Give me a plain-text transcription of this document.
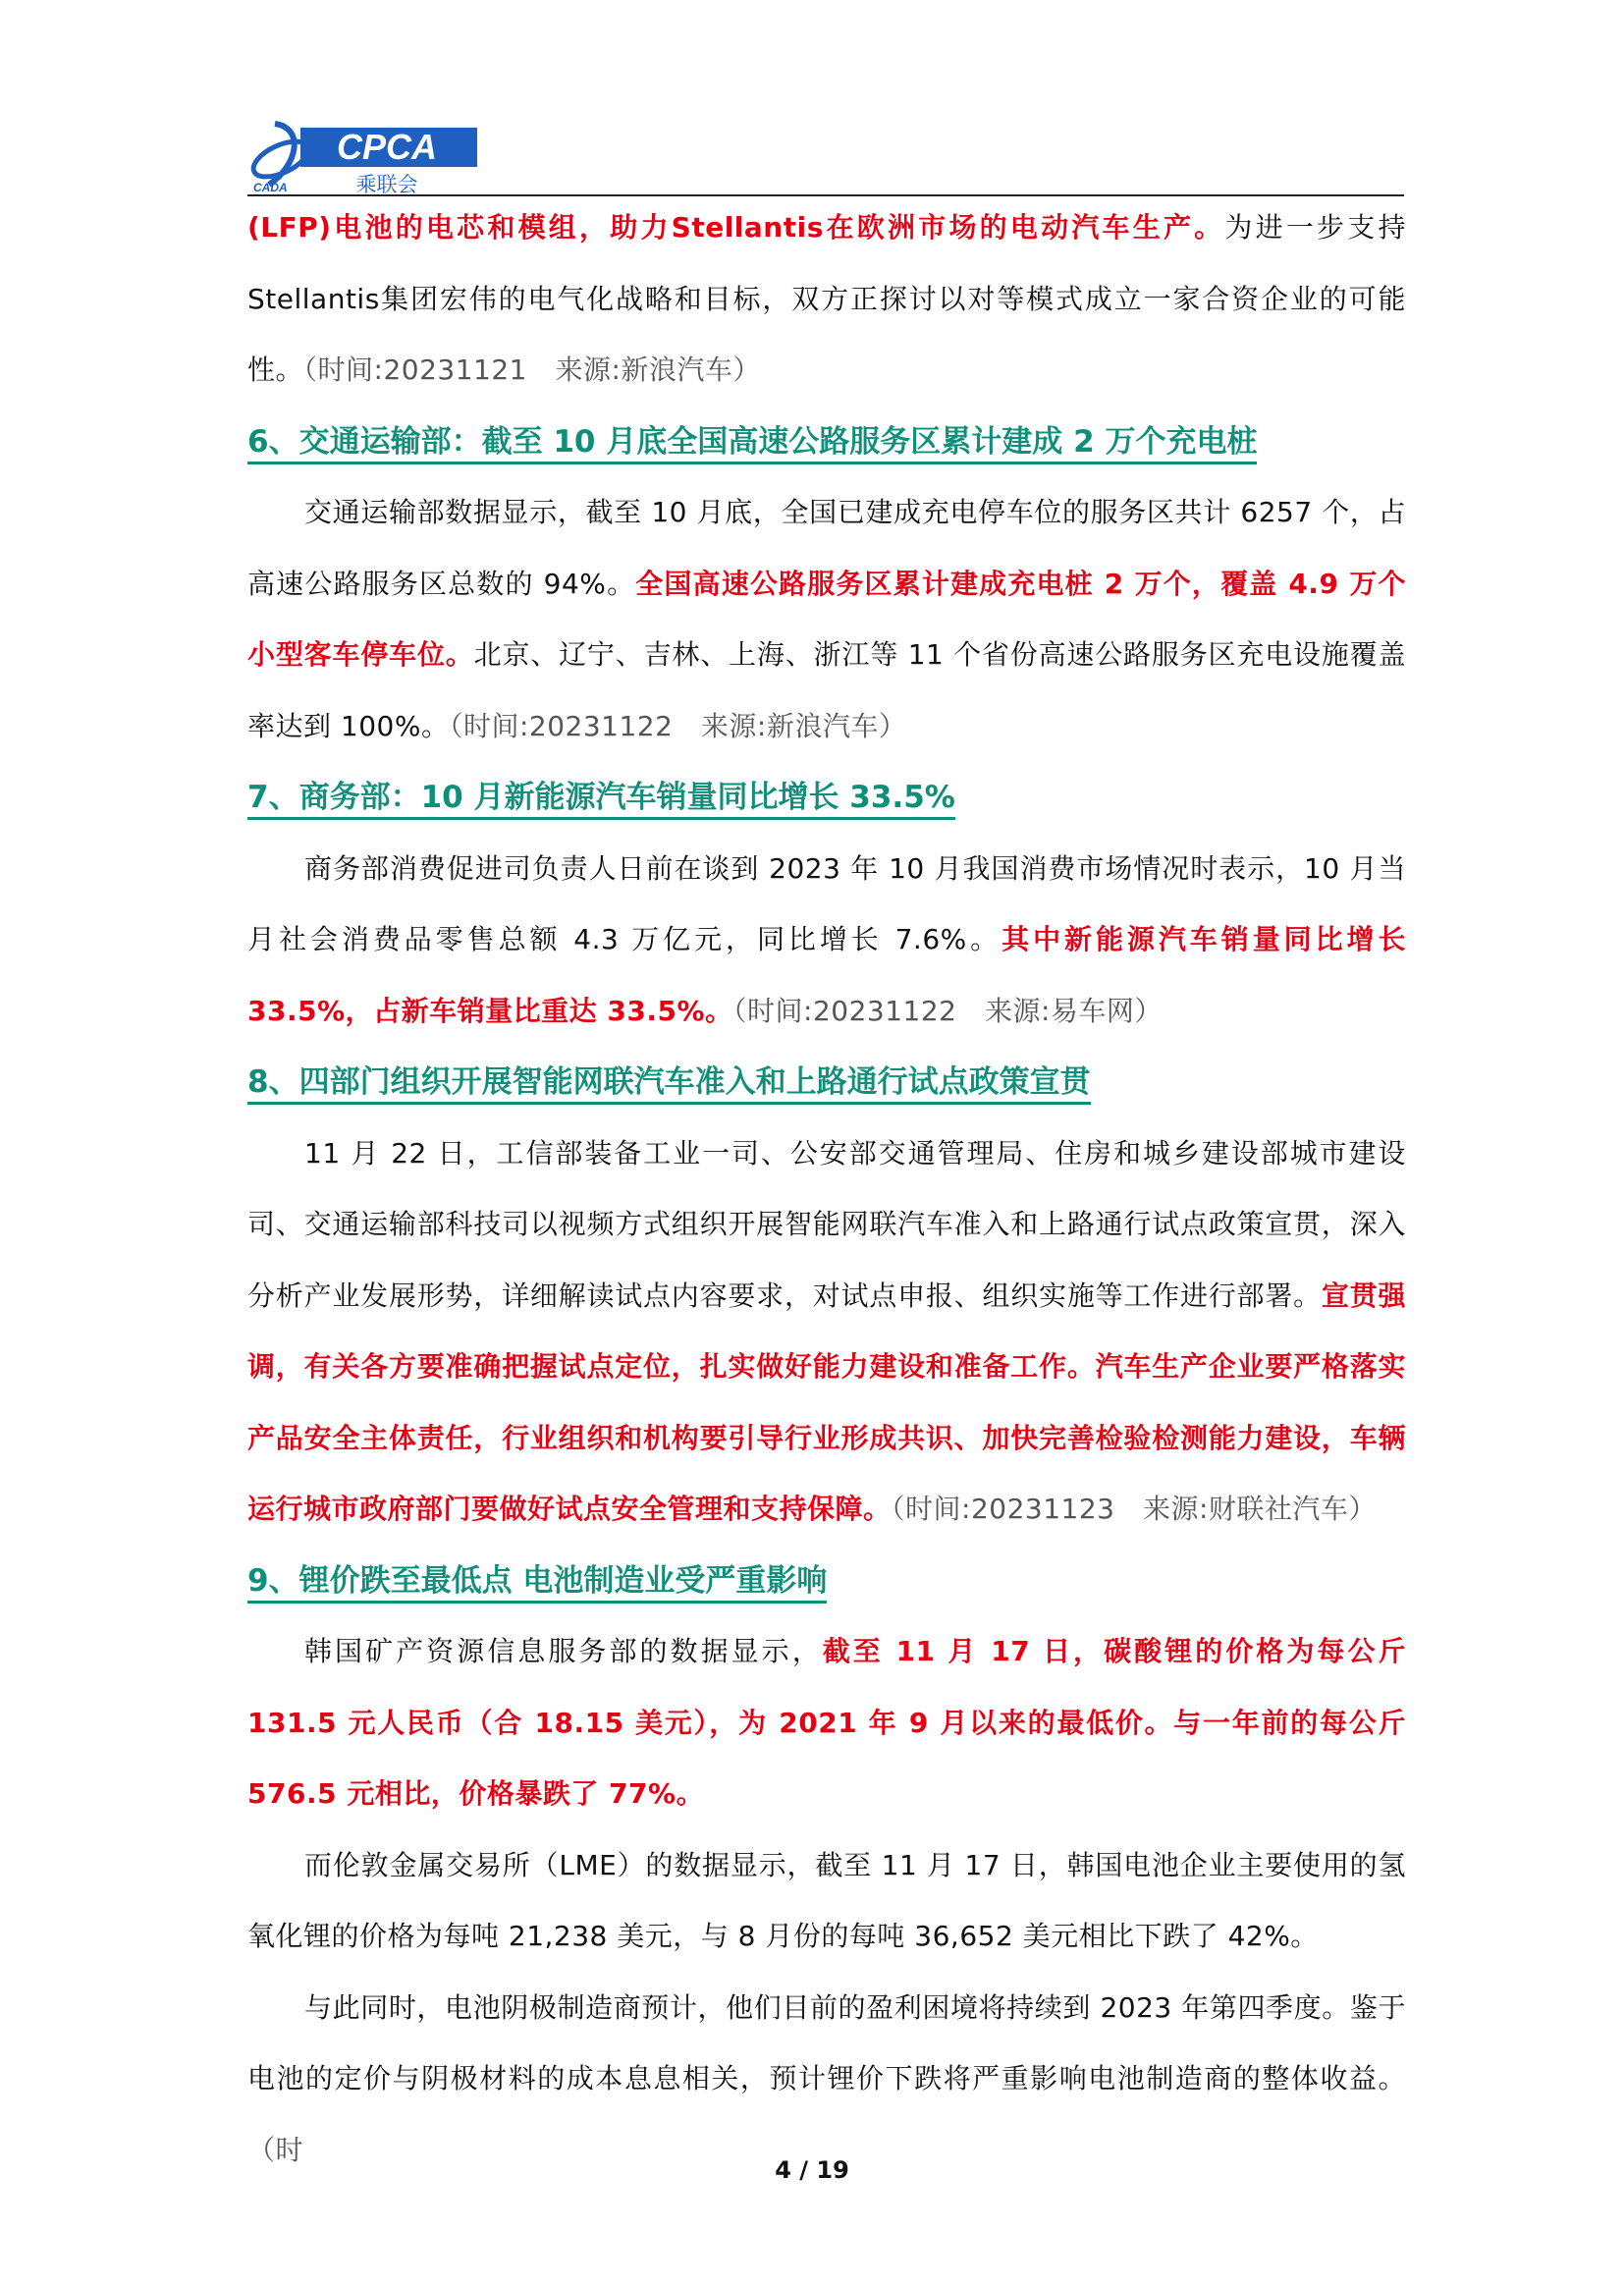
CPCA
乘联会
CADA

(LFP)电池的电芯和模组，助力Stellantis在欧洲市场的电动汽车生产。为进一步支持Stellantis集团宏伟的电气化战略和目标，双方正探讨以对等模式成立一家合资企业的可能性。（时间:20231121　来源:新浪汽车）

6、交通运输部：截至 10 月底全国高速公路服务区累计建成 2 万个充电桩

交通运输部数据显示，截至 10 月底，全国已建成充电停车位的服务区共计 6257 个，占高速公路服务区总数的 94%。全国高速公路服务区累计建成充电桩 2 万个，覆盖 4.9 万个小型客车停车位。北京、辽宁、吉林、上海、浙江等 11 个省份高速公路服务区充电设施覆盖率达到 100%。（时间:20231122　来源:新浪汽车）

7、商务部：10 月新能源汽车销量同比增长 33.5%

商务部消费促进司负责人日前在谈到 2023 年 10 月我国消费市场情况时表示，10 月当月社会消费品零售总额 4.3 万亿元，同比增长 7.6%。其中新能源汽车销量同比增长 33.5%，占新车销量比重达 33.5%。（时间:20231122　来源:易车网）

8、四部门组织开展智能网联汽车准入和上路通行试点政策宣贯

11 月 22 日，工信部装备工业一司、公安部交通管理局、住房和城乡建设部城市建设司、交通运输部科技司以视频方式组织开展智能网联汽车准入和上路通行试点政策宣贯，深入分析产业发展形势，详细解读试点内容要求，对试点申报、组织实施等工作进行部署。宣贯强调，有关各方要准确把握试点定位，扎实做好能力建设和准备工作。汽车生产企业要严格落实产品安全主体责任，行业组织和机构要引导行业形成共识、加快完善检验检测能力建设，车辆运行城市政府部门要做好试点安全管理和支持保障。（时间:20231123　来源:财联社汽车）

9、锂价跌至最低点 电池制造业受严重影响

韩国矿产资源信息服务部的数据显示，截至 11 月 17 日，碳酸锂的价格为每公斤 131.5 元人民币（合 18.15 美元），为 2021 年 9 月以来的最低价。与一年前的每公斤 576.5 元相比，价格暴跌了 77%。

而伦敦金属交易所（LME）的数据显示，截至 11 月 17 日，韩国电池企业主要使用的氢氧化锂的价格为每吨 21,238 美元，与 8 月份的每吨 36,652 美元相比下跌了 42%。

与此同时，电池阴极制造商预计，他们目前的盈利困境将持续到 2023 年第四季度。鉴于电池的定价与阴极材料的成本息息相关，预计锂价下跌将严重影响电池制造商的整体收益。（时

4 / 19
